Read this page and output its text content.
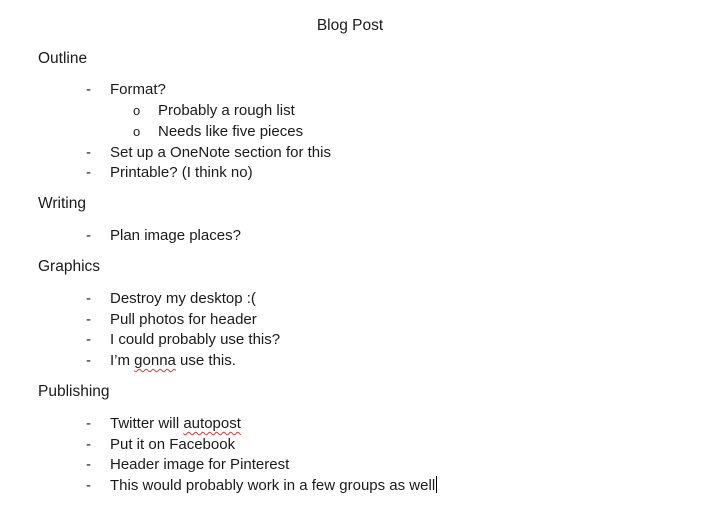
Blog Post
Outline
-	Format?
o Probably a rough list
o Needs like five pieces
-	Set up a OneNote section for this
-	Printable? (I think no)
Writing
-	Plan image places?
Graphics
-	Destroy my desktop :(
-	Pull photos for header
-	I could probably use this?
-	I’m gonna use this.
Publishing
-	Twitter will autopost
-	Put it on Facebook
-	Header image for Pinterest
-	This would probably work in a few groups as well
